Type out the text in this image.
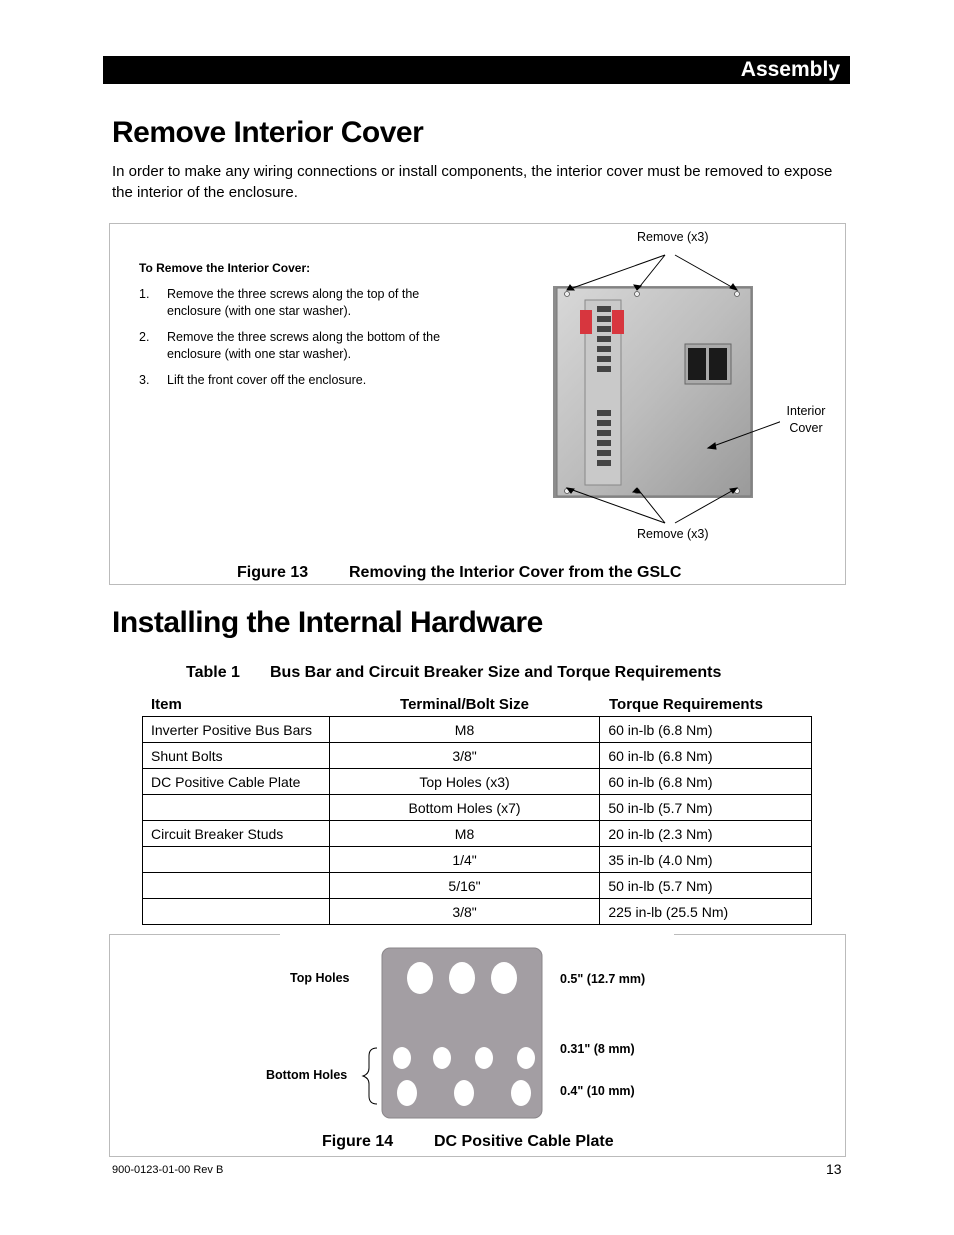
Assembly
Remove Interior Cover

In order to make any wiring connections or install components, the interior cover must be removed to expose the interior of the enclosure.

To Remove the Interior Cover:
1. Remove the three screws along the top of the enclosure (with one star washer).
2. Remove the three screws along the bottom of the enclosure (with one star washer).
3. Lift the front cover off the enclosure.
Remove (x3)
Remove (x3)
Interior
Cover
Figure 13	Removing the Interior Cover from the GSLC
Installing the Internal Hardware
Table 1 Bus Bar and Circuit Breaker Size and Torque Requirements
Item	Terminal/Bolt Size	Torque Requirements
Inverter Positive Bus Bars	M8	60 in-lb (6.8 Nm)
Shunt Bolts	3/8"	60 in-lb (6.8 Nm)
DC Positive Cable Plate	Top Holes (x3)	60 in-lb (6.8 Nm)
	Bottom Holes (x7)	50 in-lb (5.7 Nm)
Circuit Breaker Studs	M8	20 in-lb (2.3 Nm)
	1/4"	35 in-lb (4.0 Nm)
	5/16"	50 in-lb (5.7 Nm)
	3/8"	225 in-lb (25.5 Nm)
Top Holes
Bottom Holes
0.5" (12.7 mm)
0.31" (8 mm)
0.4" (10 mm)
Figure 14	DC Positive Cable Plate
900-0123-01-00 Rev B	13
